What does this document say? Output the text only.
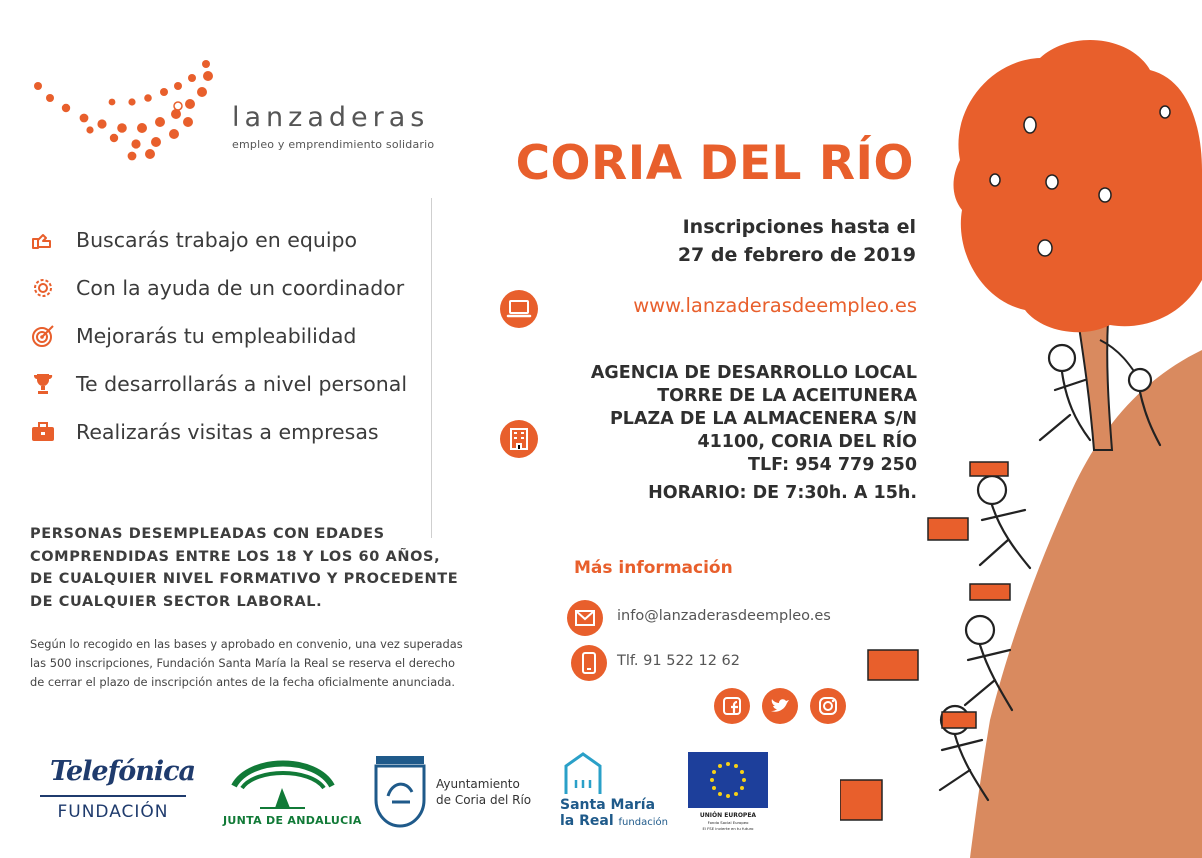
lanzaderas
empleo y emprendimiento solidario
Buscarás trabajo en equipo
Con la ayuda de un coordinador
Mejorarás tu empleabilidad
Te desarrollarás a nivel personal
Realizarás visitas a empresas
PERSONAS DESEMPLEADAS CON EDADES
COMPRENDIDAS ENTRE LOS 18 Y LOS 60 AÑOS,
DE CUALQUIER NIVEL FORMATIVO Y PROCEDENTE
DE CUALQUIER SECTOR LABORAL.
Según lo recogido en las bases y aprobado en convenio, una vez superadas
las 500 inscripciones, Fundación Santa María la Real se reserva el derecho
de cerrar el plazo de inscripción antes de la fecha oficialmente anunciada.
CORIA DEL RÍO
Inscripciones hasta el
27 de febrero de 2019
www.lanzaderasdeempleo.es
AGENCIA DE DESARROLLO LOCAL
TORRE DE LA ACEITUNERA
PLAZA DE LA ALMACENERA S/N
41100, CORIA DEL RÍO
TLF: 954 779 250
HORARIO: DE 7:30h. A 15h.
Más información
info@lanzaderasdeempleo.es
Tlf. 91 522 12 62
Telefónica
FUNDACIÓN	JUNTA DE ANDALUCIA
Ayuntamiento
de Coria del Río Santa María
la Real fundación
UNIÓN EUROPEA
Fondo Social Europeo
El FSE invierte en tu futuro
